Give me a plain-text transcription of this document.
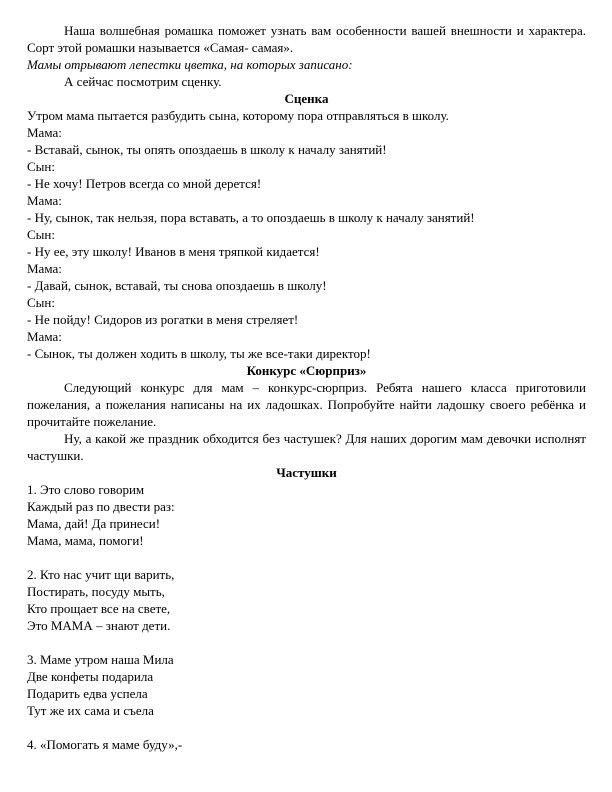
Наша волшебная ромашка поможет узнать вам особенности вашей внешности и характера. Сорт этой ромашки называется «Самая- самая».

Мамы отрывают лепестки цветка, на которых записано:

А сейчас посмотрим сценку.

Сценка

Утром мама пытается разбудить сына, которому пора отправляться в школу.

Мама:

- Вставай, сынок, ты опять опоздаешь в школу к началу занятий!

Сын:

- Не хочу! Петров всегда со мной дерется!

Мама:

- Ну, сынок, так нельзя, пора вставать, а то опоздаешь в школу к началу занятий!

Сын:

- Ну ее, эту школу! Иванов в меня тряпкой кидается!

Мама:

- Давай, сынок, вставай, ты снова опоздаешь в школу!

Сын:

- Не пойду! Сидоров из рогатки в меня стреляет!

Мама:

- Сынок, ты должен ходить в школу, ты же все-таки директор!

Конкурс «Сюрприз»

Следующий конкурс для мам – конкурс-сюрприз. Ребята нашего класса приготовили пожелания, а пожелания написаны на их ладошках. Попробуйте найти ладошку своего ребёнка и прочитайте пожелание.

Ну, а какой же праздник обходится без частушек? Для наших дорогим мам девочки исполнят частушки.

Частушки

1. Это слово говорим

Каждый раз по двести раз:

Мама, дай! Да принеси!

Мама, мама, помоги!

2. Кто нас учит щи варить,

Постирать, посуду мыть,

Кто прощает все на свете,

Это МАМА – знают дети.

3. Маме утром наша Мила

Две конфеты подарила

Подарить едва успела

Тут же их сама и съела

4. «Помогать я маме буду»,-
